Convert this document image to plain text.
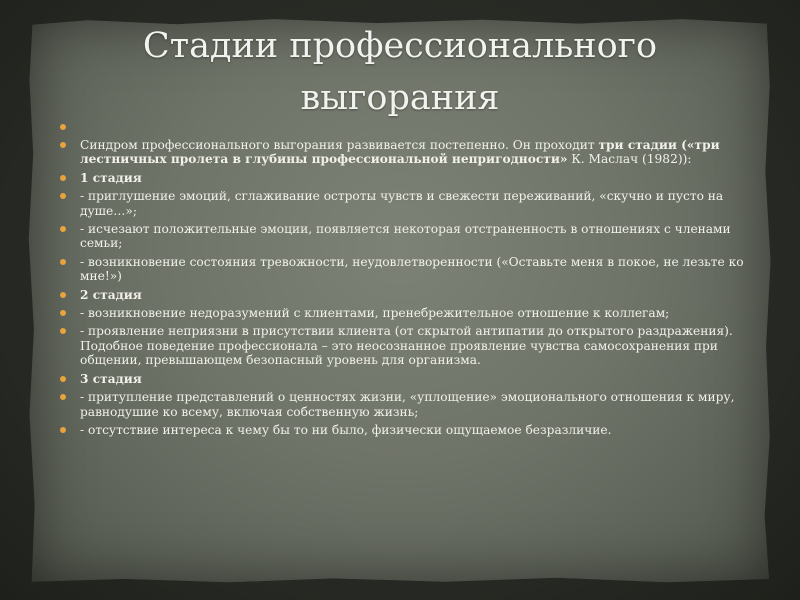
Стадии профессионального
выгорания
Синдром профессионального выгорания развивается постепенно. Он проходит три стадии («три лестничных пролета в глубины профессиональной непригодности» К. Маслач (1982)):
1 стадия
- приглушение эмоций, сглаживание остроты чувств и свежести переживаний, «скучно и пусто на душе…»;
- исчезают положительные эмоции, появляется некоторая отстраненность в отношениях с членами семьи;
- возникновение состояния тревожности, неудовлетворенности («Оставьте меня в покое, не лезьте ко мне!»)
2 стадия
- возникновение недоразумений с клиентами, пренебрежительное отношение к коллегам;
- проявление неприязни в присутствии клиента (от скрытой антипатии до открытого раздражения). Подобное поведение профессионала – это неосознанное проявление чувства самосохранения при общении, превышающем безопасный уровень для организма.
3 стадия
- притупление представлений о ценностях жизни, «уплощение» эмоционального отношения к миру, равнодушие ко всему, включая собственную жизнь;
- отсутствие интереса к чему бы то ни было, физически ощущаемое безразличие.
